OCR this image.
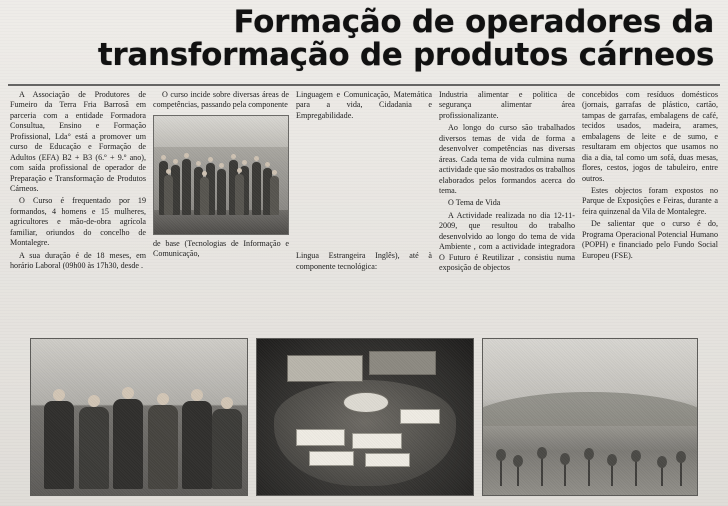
Formação de operadores da
transformação de produtos cárneos

A Associação de Produtores de Fumeiro da Terra Fria Barrosã em parceria com a entidade Formadora Consultua, Ensino e Formação Profissional, Lda° está a promover um curso de Educação e Formação de Adultos (EFA) B2 + B3 (6.º + 9.º ano), com saída profissional de operador de Preparação e Transformação de Produtos Cárneos.

O Curso é frequentado por 19 formandos, 4 homens e 15 mulheres, agricultores e mão-de-obra agrícola familiar, oriundos do concelho de Montalegre.

A sua duração é de 18 meses, em horário Laboral (09h00 às 17h30, desde .

O curso incide sobre diversas áreas de competências, passando pela componente

de base (Tecnologias de Informação e Comunicação,

Linguagem e Comunicação, Matemática para a vida, Cidadania e Empregabilidade.

Lingua Estrangeira Inglês), até à componente tecnológica:

Industria alimentar e politica de segurança alimentar área profissionalizante.

Ao longo do curso são trabalhados diversos temas de vida de forma a desenvolver competências nas diversas áreas. Cada tema de vida culmina numa actividade que são mostrados os trabalhos elaborados pelos formandos acerca do tema.

O Tema de Vida

A Actividade realizada no dia 12-11-2009, que resultou do trabalho desenvolvido ao longo do tema de vida Ambiente , com a actividade integradora O Futuro é Reutilizar , consistiu numa exposição de objectos

concebidos com resíduos domésticos (jornais, garrafas de plástico, cartão, tampas de garrafas, embalagens de café, tecidos usados, madeira, arames, embalagens de leite e de sumo, e resultaram em objectos que usamos no dia a dia, tal como um sofá, duas mesas, flores, cestos, jogos de tabuleiro, entre outros.

Estes objectos foram expostos no Parque de Exposições e Feiras, durante a feira quinzenal da Vila de Montalegre.

De salientar que o curso é do, Programa Operacional Potencial Humano (POPH) e financiado pelo Fundo Social Europeu (FSE).
